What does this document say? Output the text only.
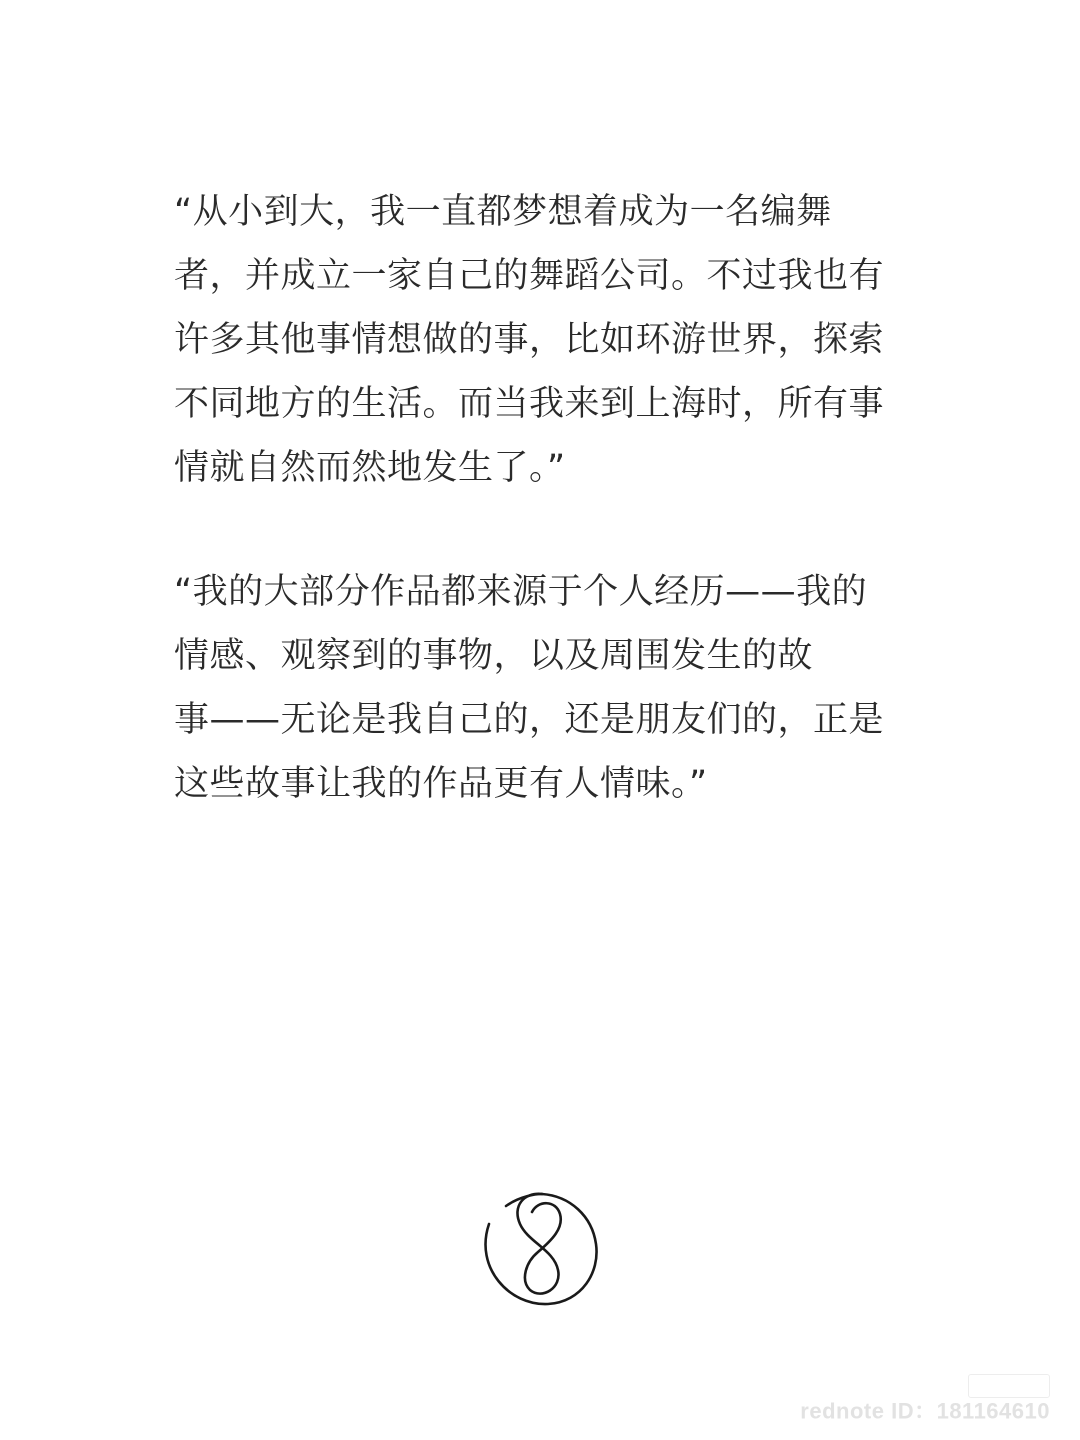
“从小到大，我一直都梦想着成为一名编舞
者，并成立一家自己的舞蹈公司。不过我也有
许多其他事情想做的事，比如环游世界，探索
不同地方的生活。而当我来到上海时，所有事
情就自然而然地发生了。”
“我的大部分作品都来源于个人经历——我的
情感、观察到的事物，以及周围发生的故
事——无论是我自己的，还是朋友们的，正是
这些故事让我的作品更有人情味。”
rednote ID：181164610
